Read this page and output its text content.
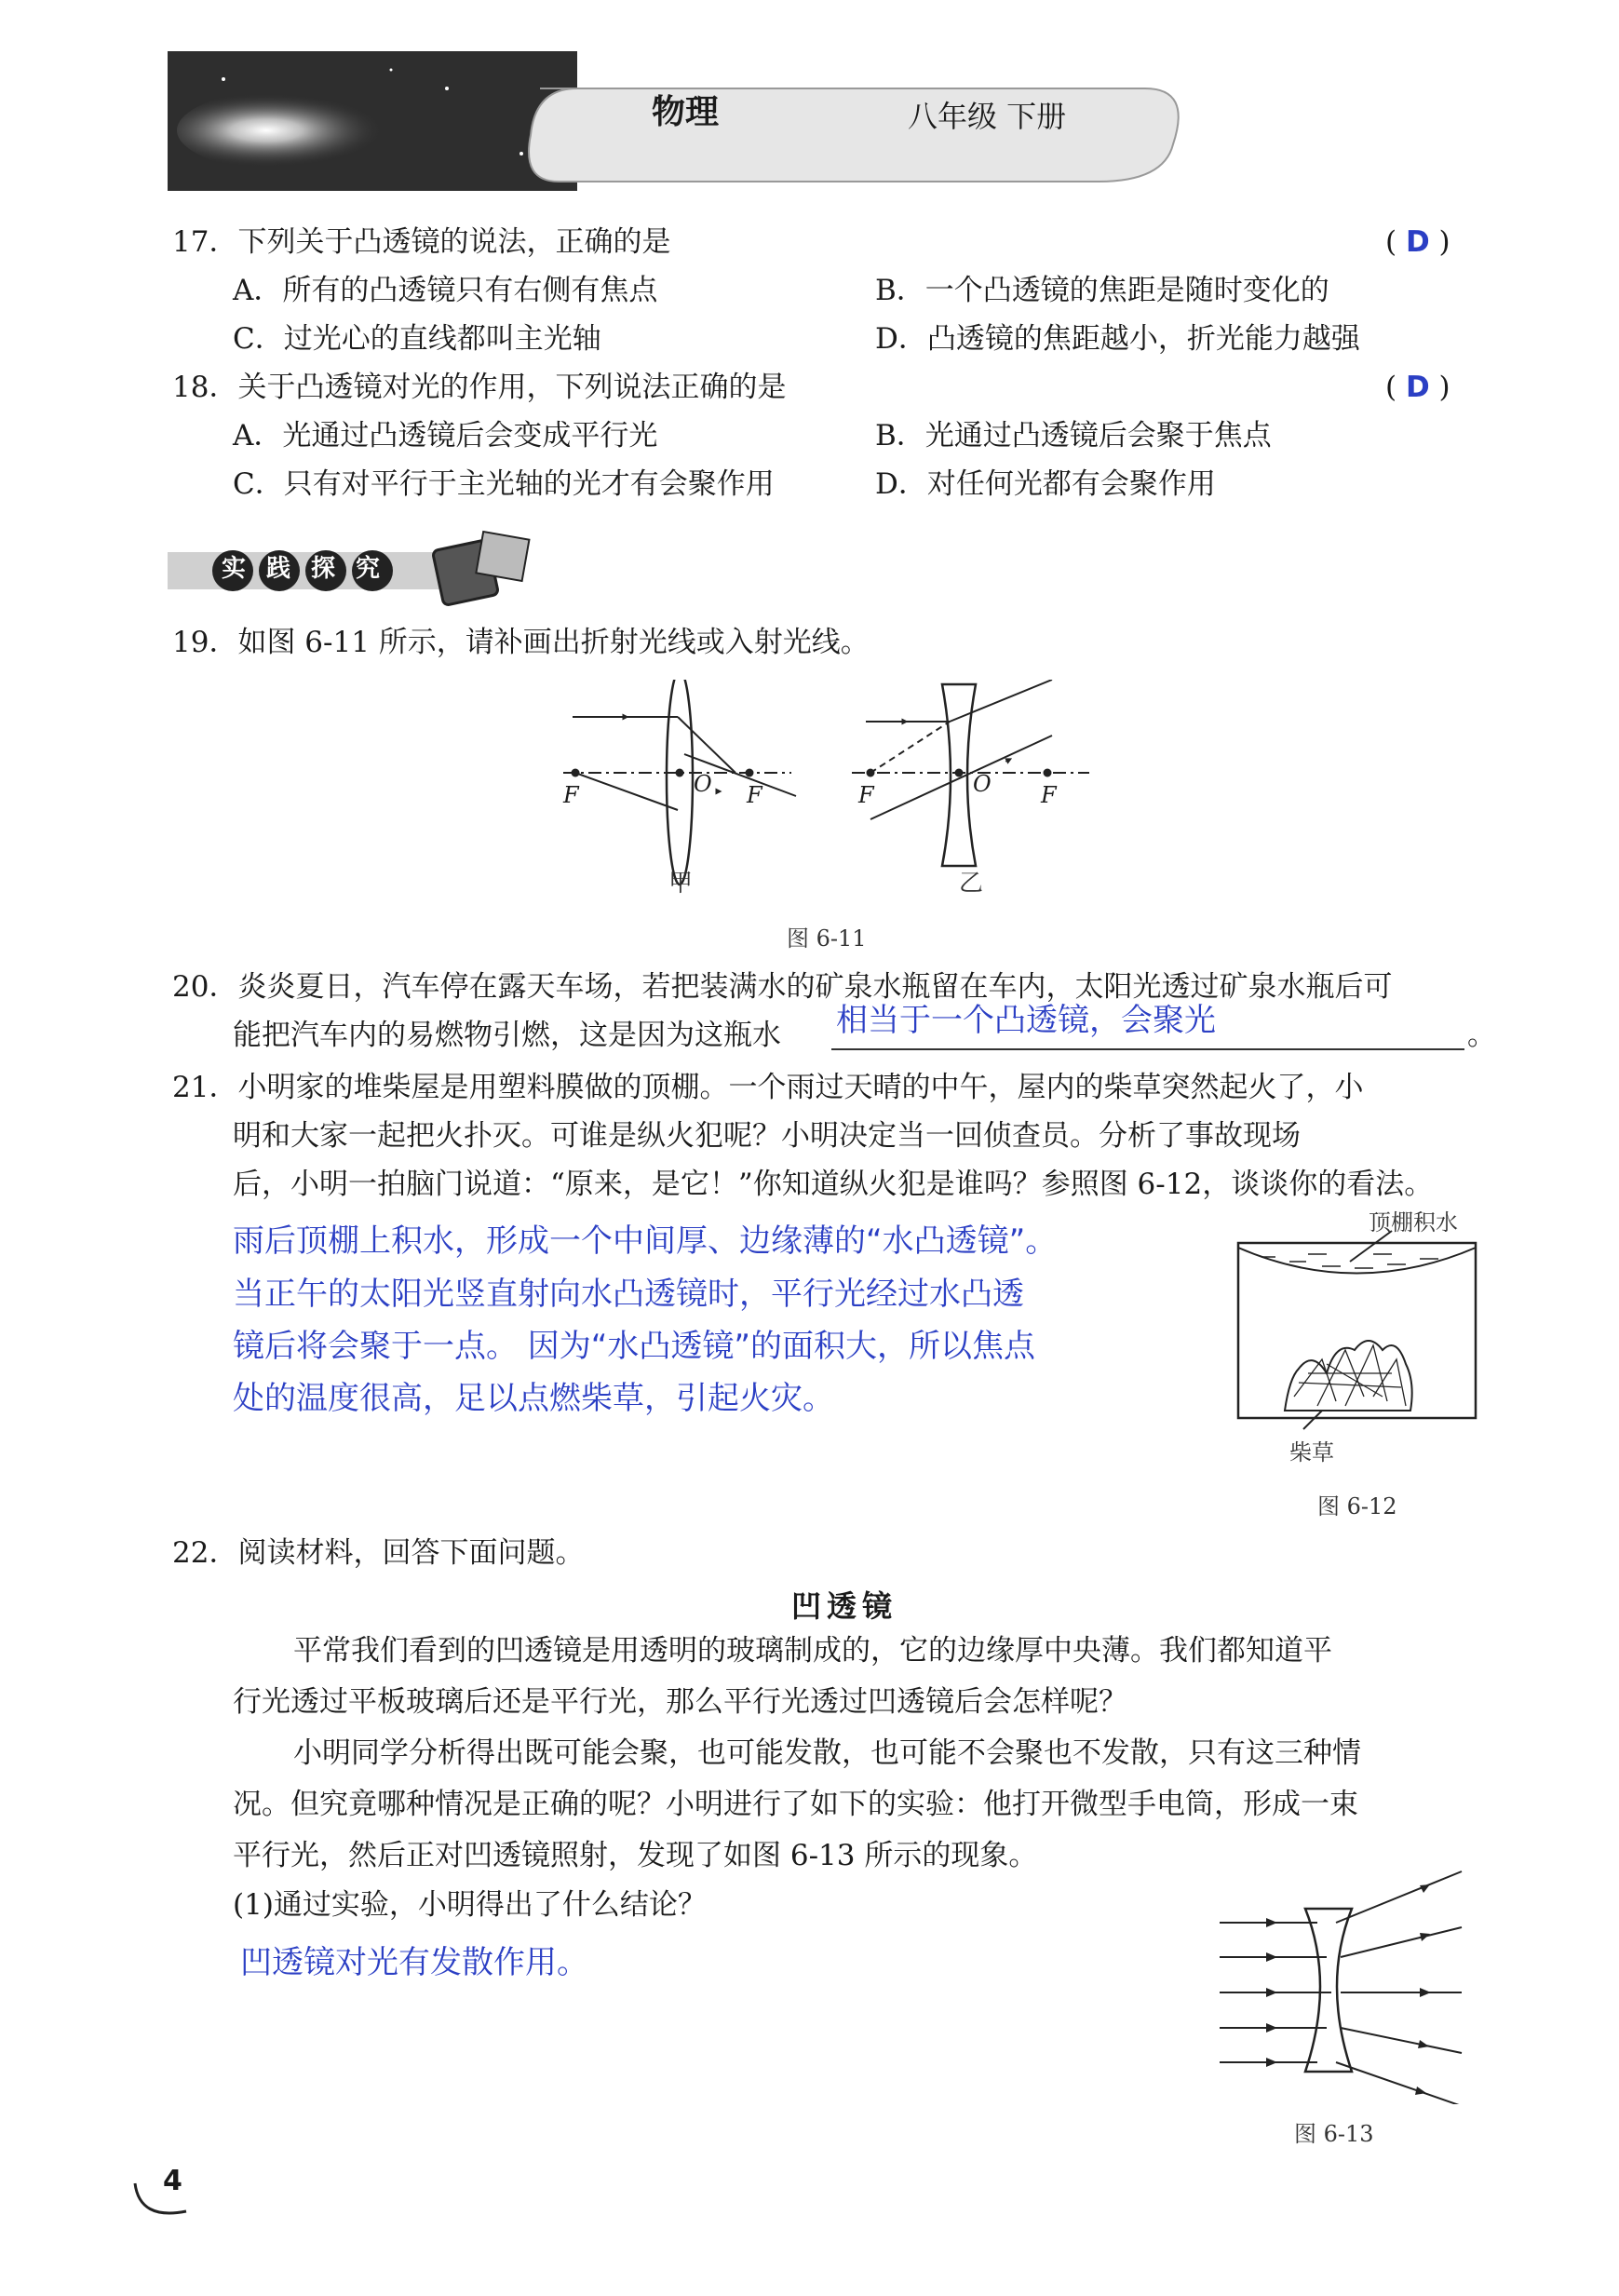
物理	八年级 下册
17．下列关于凸透镜的说法，正确的是	( D )
A．所有的凸透镜只有右侧有焦点	B．一个凸透镜的焦距是随时变化的
C．过光心的直线都叫主光轴	D．凸透镜的焦距越小，折光能力越强
18．关于凸透镜对光的作用，下列说法正确的是	( D )
A．光通过凸透镜后会变成平行光	B．光通过凸透镜后会聚于焦点
C．只有对平行于主光轴的光才有会聚作用	D．对任何光都有会聚作用
实践探究
19．如图 6-11 所示，请补画出折射光线或入射光线。
F	O F	F	O F
甲	乙
图 6-11
20．炎炎夏日，汽车停在露天车场，若把装满水的矿泉水瓶留在车内，太阳光透过矿泉水瓶后可
能把汽车内的易燃物引燃，这是因为这瓶水 相当于一个凸透镜，会聚光	。
21．小明家的堆柴屋是用塑料膜做的顶棚。一个雨过天晴的中午，屋内的柴草突然起火了，小
明和大家一起把火扑灭。可谁是纵火犯呢？小明决定当一回侦查员。分析了事故现场
后，小明一拍脑门说道：“原来，是它！”你知道纵火犯是谁吗？参照图 6-12，谈谈你的看法。
雨后顶棚上积水，形成一个中间厚、边缘薄的“水凸透镜”。
当正午的太阳光竖直射向水凸透镜时，平行光经过水凸透
镜后将会聚于一点。 因为“水凸透镜”的面积大，所以焦点
处的温度很高，足以点燃柴草，引起火灾。
顶棚积水
柴草
图 6-12
22．阅读材料，回答下面问题。
凹透镜
平常我们看到的凹透镜是用透明的玻璃制成的，它的边缘厚中央薄。我们都知道平
行光透过平板玻璃后还是平行光，那么平行光透过凹透镜后会怎样呢？
小明同学分析得出既可能会聚，也可能发散，也可能不会聚也不发散，只有这三种情
况。但究竟哪种情况是正确的呢？小明进行了如下的实验：他打开微型手电筒，形成一束
平行光，然后正对凹透镜照射，发现了如图 6-13 所示的现象。
(1)通过实验，小明得出了什么结论？
凹透镜对光有发散作用。
图 6-13
4
